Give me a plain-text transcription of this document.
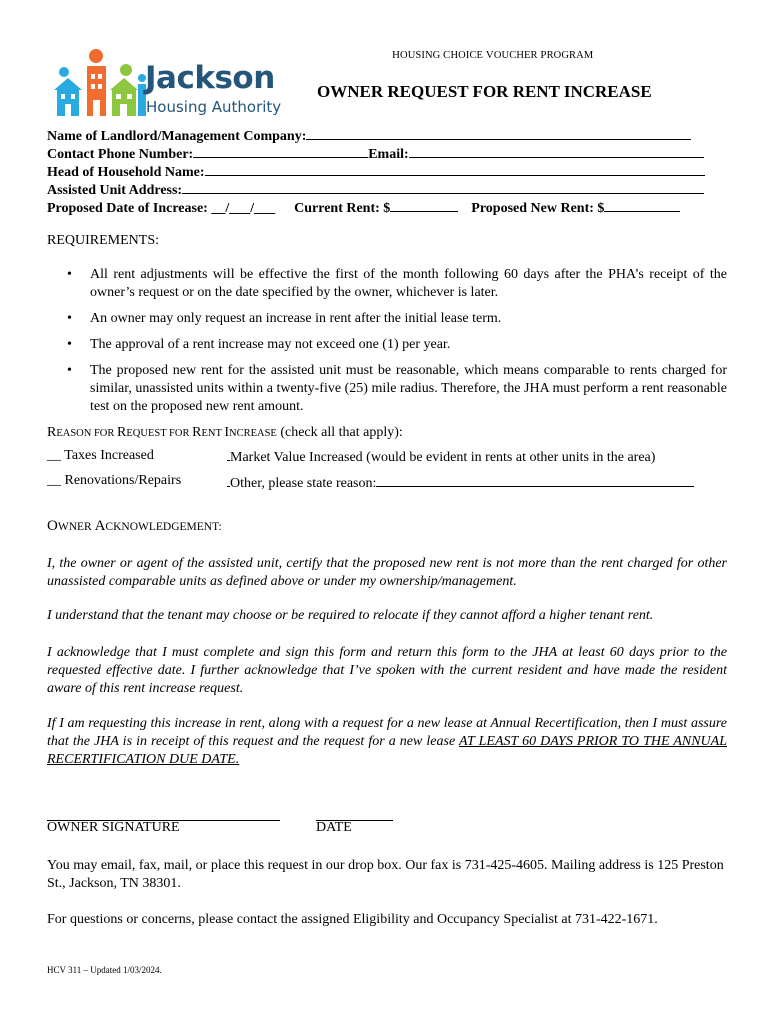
HOUSING CHOICE VOUCHER PROGRAM
Jackson
Housing Authority
OWNER REQUEST FOR RENT INCREASE
Name of Landlord/Management Company:
Contact Phone Number:	Email:
Head of Household Name:
Assisted Unit Address:
Proposed Date of Increase: __/___/___ Current Rent: $	Proposed New Rent: $
REQUIREMENTS:
• All rent adjustments will be effective the first of the month following 60 days after the PHA’s receipt of the owner’s request or on the date specified by the owner, whichever is later.
• An owner may only request an increase in rent after the initial lease term.
• The approval of a rent increase may not exceed one (1) per year.
• The proposed new rent for the assisted unit must be reasonable, which means comparable to rents charged for similar, unassisted units within a twenty-five (25) mile radius. Therefore, the JHA must perform a rent reasonable test on the proposed new rent amount.
REASON FOR REQUEST FOR RENT INCREASE (check all that apply):
__ Taxes Increased	Market Value Increased (would be evident in rents at other units in the area)
__ Renovations/Repairs	Other, please state reason:
OWNER ACKNOWLEDGEMENT:
I, the owner or agent of the assisted unit, certify that the proposed new rent is not more than the rent charged for other unassisted comparable units as defined above or under my ownership/management.
I understand that the tenant may choose or be required to relocate if they cannot afford a higher tenant rent.
I acknowledge that I must complete and sign this form and return this form to the JHA at least 60 days prior to the requested effective date. I further acknowledge that I’ve spoken with the current resident and have made the resident aware of this rent increase request.
If I am requesting this increase in rent, along with a request for a new lease at Annual Recertification, then I must assure that the JHA is in receipt of this request and the request for a new lease AT LEAST 60 DAYS PRIOR TO THE ANNUAL RECERTIFICATION DUE DATE.
OWNER SIGNATURE	DATE
You may email, fax, mail, or place this request in our drop box. Our fax is 731-425-4605. Mailing address is 125 Preston St., Jackson, TN 38301.
For questions or concerns, please contact the assigned Eligibility and Occupancy Specialist at 731-422-1671.
HCV 311 – Updated 1/03/2024.
